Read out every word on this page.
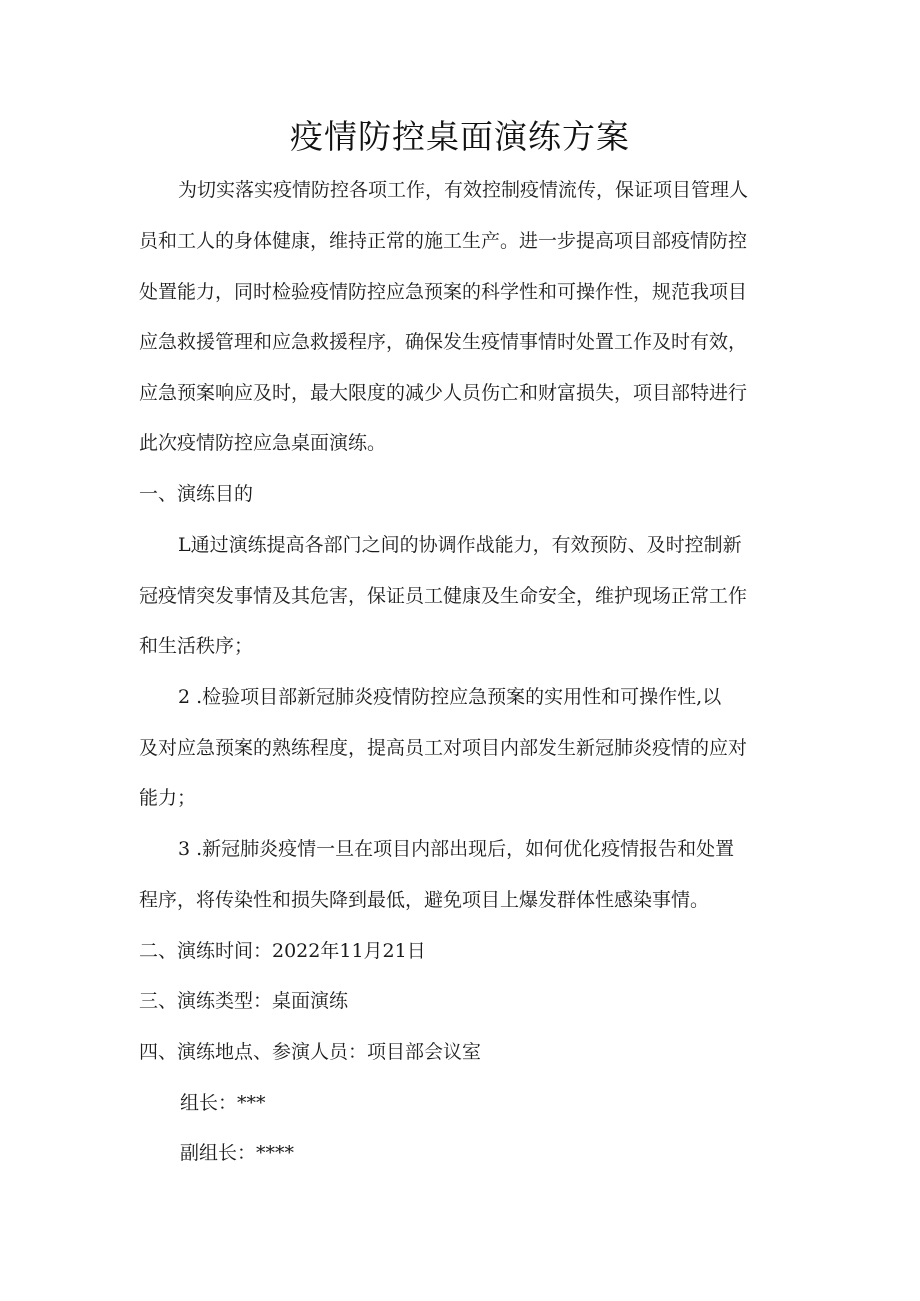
疫情防控桌面演练方案
为切实落实疫情防控各项工作，有效控制疫情流传，保证项目管理人
员和工人的身体健康，维持正常的施工生产。进一步提高项目部疫情防控
处置能力，同时检验疫情防控应急预案的科学性和可操作性，规范我项目
应急救援管理和应急救援程序，确保发生疫情事情时处置工作及时有效，
应急预案响应及时，最大限度的减少人员伤亡和财富损失，项目部特进行
此次疫情防控应急桌面演练。
一、演练目的
L通过演练提高各部门之间的协调作战能力，有效预防、及时控制新
冠疫情突发事情及其危害，保证员工健康及生命安全，维护现场正常工作
和生活秩序；
2 .检验项目部新冠肺炎疫情防控应急预案的实用性和可操作性,以
及对应急预案的熟练程度，提高员工对项目内部发生新冠肺炎疫情的应对
能力；
3 .新冠肺炎疫情一旦在项目内部出现后，如何优化疫情报告和处置
程序，将传染性和损失降到最低，避免项目上爆发群体性感染事情。
二、演练时间：2022年11月21日
三、演练类型：桌面演练
四、演练地点、参演人员：项目部会议室
组长：***
副组长：****
